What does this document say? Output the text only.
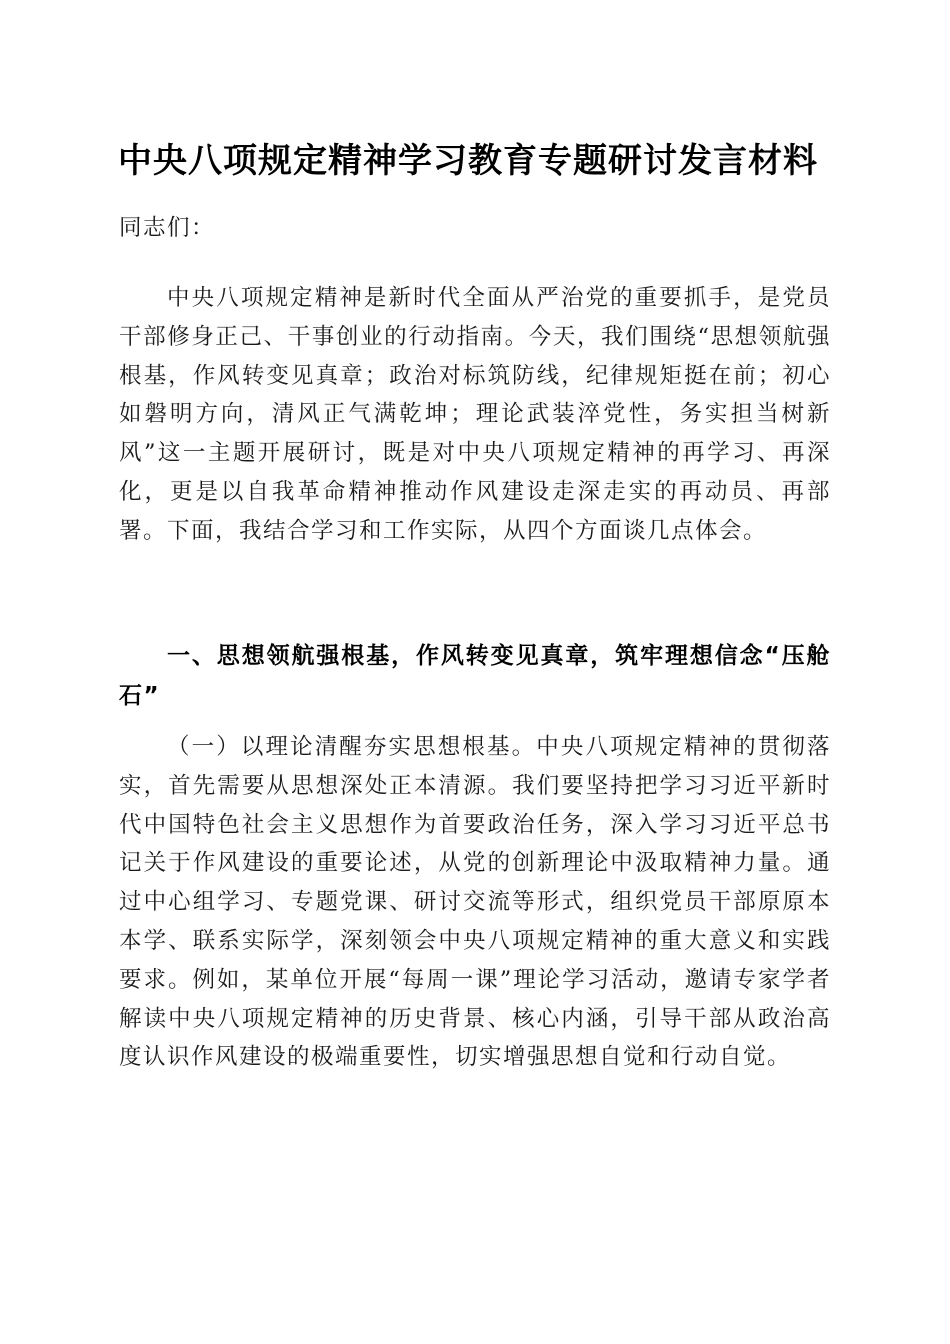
中央八项规定精神学习教育专题研讨发言材料
同志们：
中央八项规定精神是新时代全面从严治党的重要抓手，是党员干部修身正己、干事创业的行动指南。今天，我们围绕“思想领航强根基，作风转变见真章；政治对标筑防线，纪律规矩挺在前；初心如磐明方向，清风正气满乾坤；理论武装淬党性，务实担当树新风”这一主题开展研讨，既是对中央八项规定精神的再学习、再深化，更是以自我革命精神推动作风建设走深走实的再动员、再部署。下面，我结合学习和工作实际，从四个方面谈几点体会。
一、思想领航强根基，作风转变见真章，筑牢理想信念“压舱石”
（一）以理论清醒夯实思想根基。中央八项规定精神的贯彻落实，首先需要从思想深处正本清源。我们要坚持把学习习近平新时代中国特色社会主义思想作为首要政治任务，深入学习习近平总书记关于作风建设的重要论述，从党的创新理论中汲取精神力量。通过中心组学习、专题党课、研讨交流等形式，组织党员干部原原本本学、联系实际学，深刻领会中央八项规定精神的重大意义和实践要求。例如，某单位开展“每周一课”理论学习活动，邀请专家学者解读中央八项规定精神的历史背景、核心内涵，引导干部从政治高度认识作风建设的极端重要性，切实增强思想自觉和行动自觉。
